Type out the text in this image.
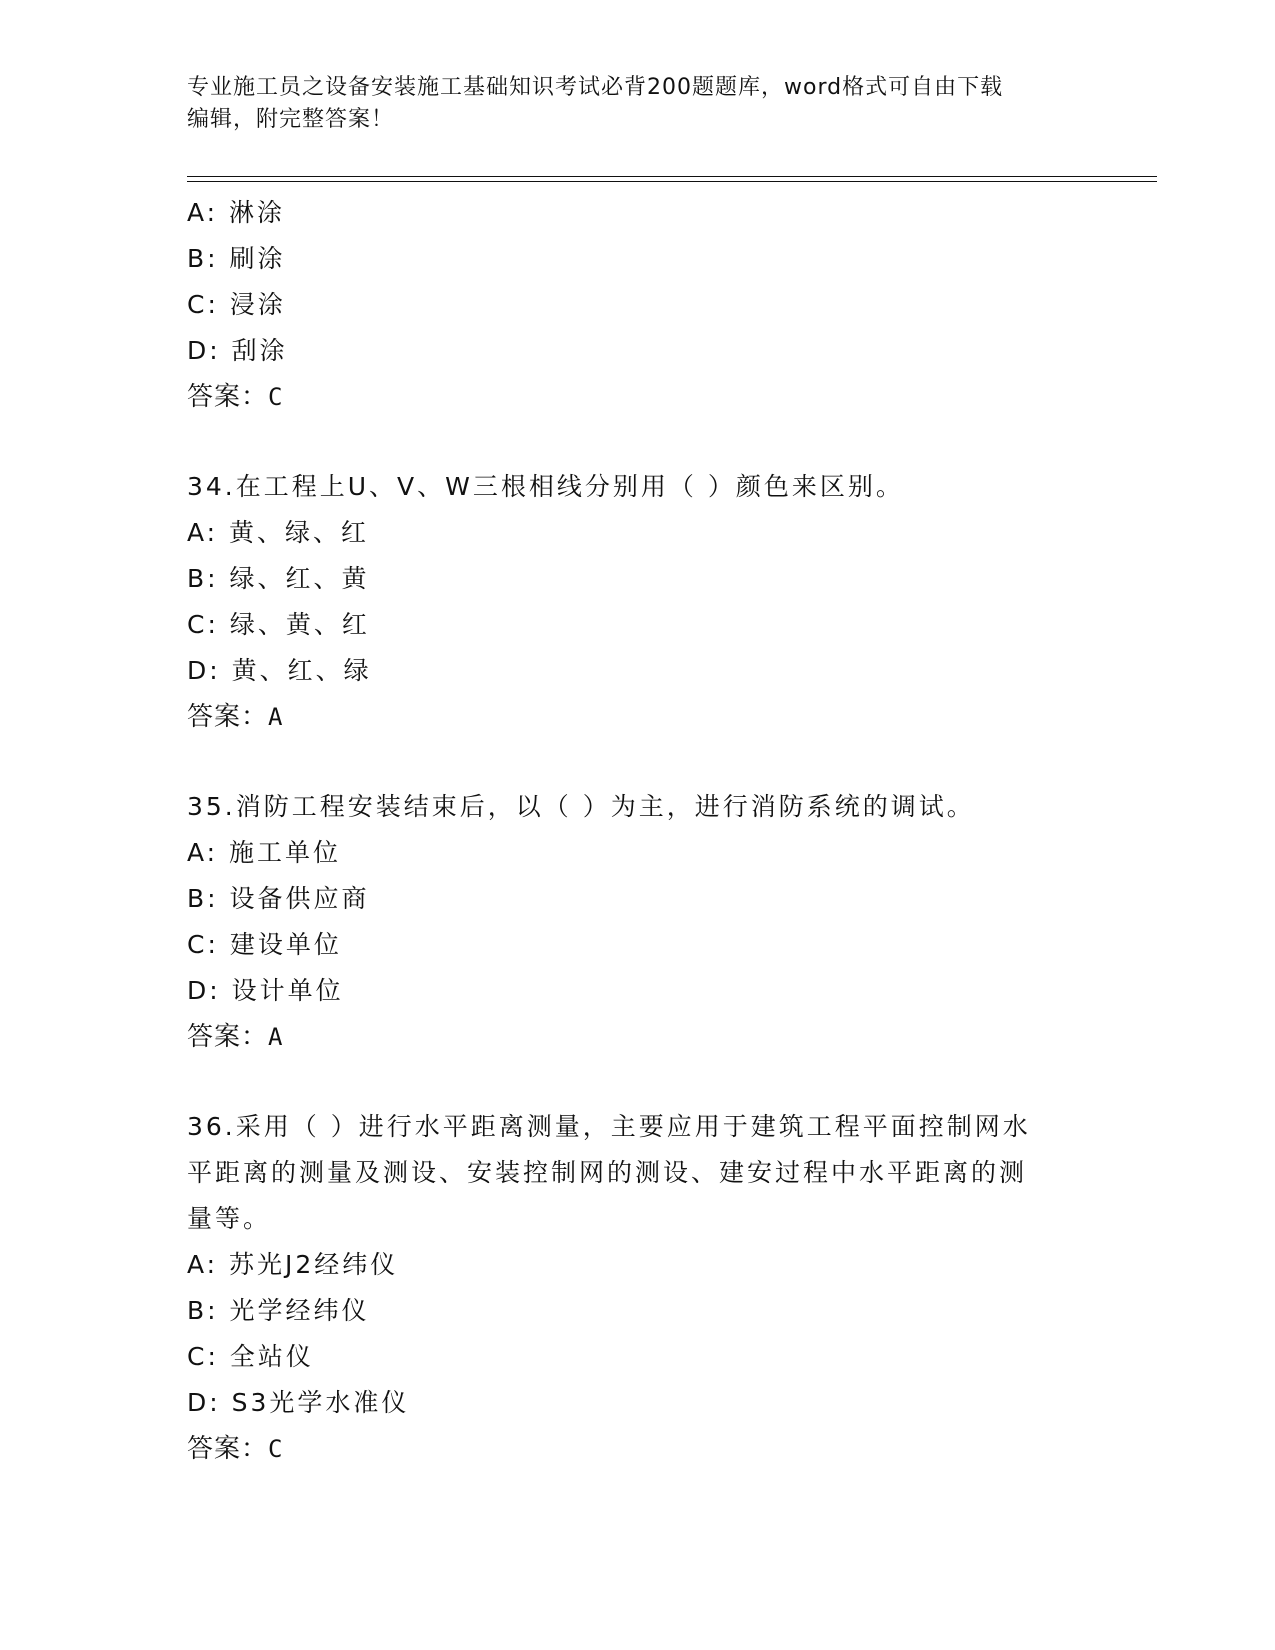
专业施工员之设备安装施工基础知识考试必背200题题库，word格式可自由下载
编辑，附完整答案！
A: 淋涂
B: 刷涂
C: 浸涂
D: 刮涂
答案：C
34.在工程上U、V、W三根相线分别用（ ）颜色来区别。
A: 黄、绿、红
B: 绿、红、黄
C: 绿、黄、红
D: 黄、红、绿
答案：A
35.消防工程安装结束后，以（ ）为主，进行消防系统的调试。
A: 施工单位
B: 设备供应商
C: 建设单位
D: 设计单位
答案：A
36.采用（ ）进行水平距离测量，主要应用于建筑工程平面控制网水
平距离的测量及测设、安装控制网的测设、建安过程中水平距离的测
量等。
A: 苏光J2经纬仪
B: 光学经纬仪
C: 全站仪
D: S3光学水准仪
答案：C
